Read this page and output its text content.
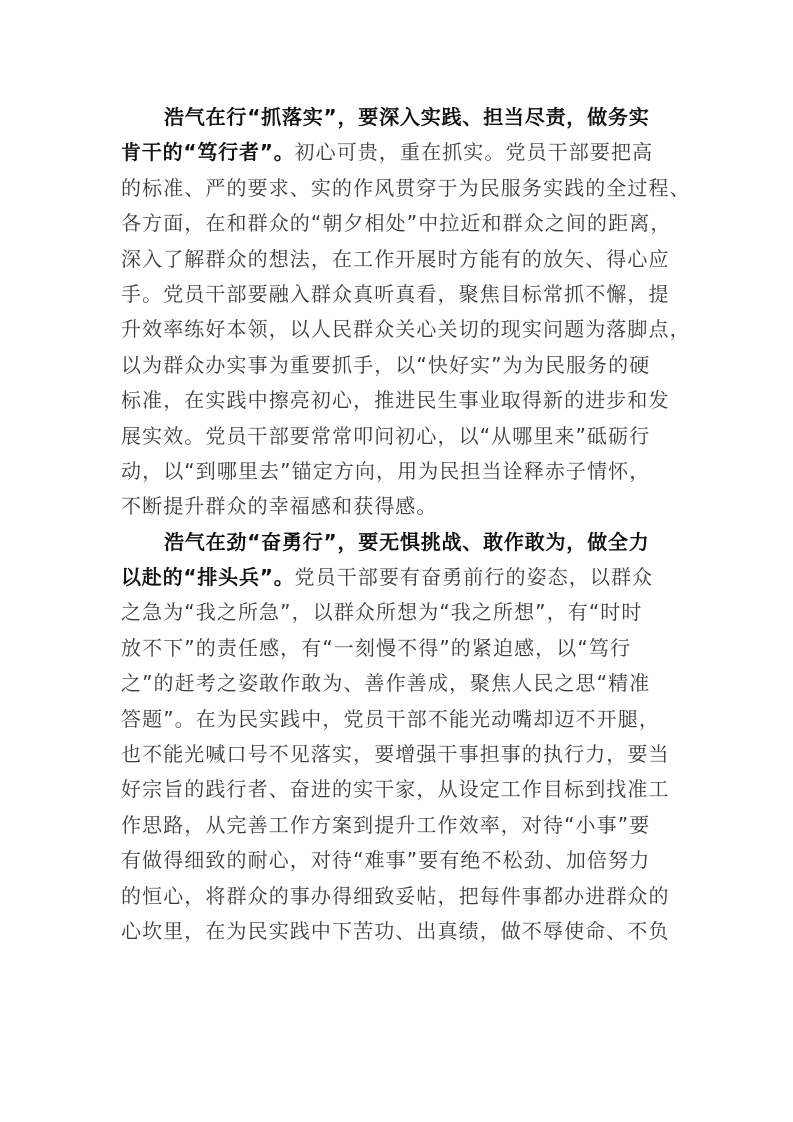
浩气在行“抓落实”，要深入实践、担当尽责，做务实
肯干的“笃行者”。初心可贵，重在抓实。党员干部要把高
的标准、严的要求、实的作风贯穿于为民服务实践的全过程、
各方面，在和群众的“朝夕相处”中拉近和群众之间的距离，
深入了解群众的想法，在工作开展时方能有的放矢、得心应
手。党员干部要融入群众真听真看，聚焦目标常抓不懈，提
升效率练好本领，以人民群众关心关切的现实问题为落脚点，
以为群众办实事为重要抓手，以“快好实”为为民服务的硬
标准，在实践中擦亮初心，推进民生事业取得新的进步和发
展实效。党员干部要常常叩问初心，以“从哪里来”砥砺行
动，以“到哪里去”锚定方向，用为民担当诠释赤子情怀，
不断提升群众的幸福感和获得感。
浩气在劲“奋勇行”，要无惧挑战、敢作敢为，做全力
以赴的“排头兵”。党员干部要有奋勇前行的姿态，以群众
之急为“我之所急”，以群众所想为“我之所想”，有“时时
放不下”的责任感，有“一刻慢不得”的紧迫感，以“笃行
之”的赶考之姿敢作敢为、善作善成，聚焦人民之思“精准
答题”。在为民实践中，党员干部不能光动嘴却迈不开腿，
也不能光喊口号不见落实，要增强干事担事的执行力，要当
好宗旨的践行者、奋进的实干家，从设定工作目标到找准工
作思路，从完善工作方案到提升工作效率，对待“小事”要
有做得细致的耐心，对待“难事”要有绝不松劲、加倍努力
的恒心，将群众的事办得细致妥帖，把每件事都办进群众的
心坎里，在为民实践中下苦功、出真绩，做不辱使命、不负
